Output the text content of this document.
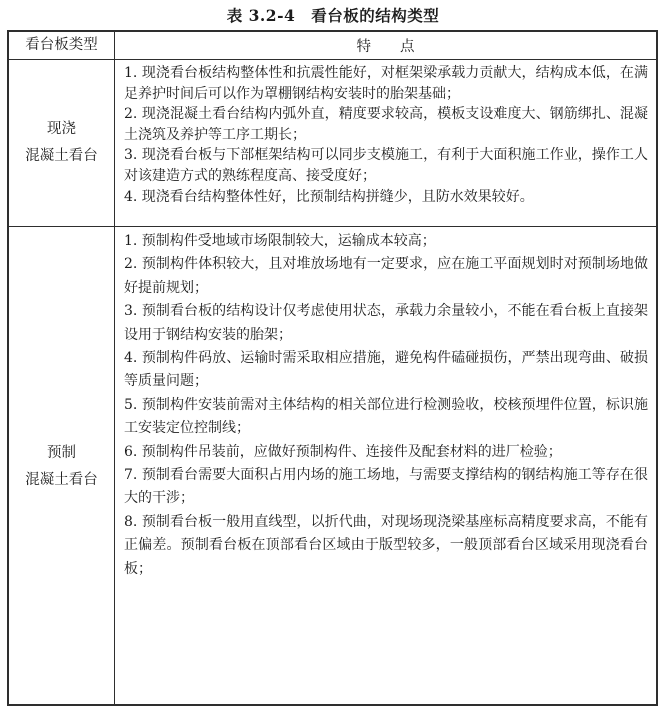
表 3.2-4　看台板的结构类型
看台板类型	特　　点
现浇
混凝土看台

1. 现浇看台板结构整体性和抗震性能好，对框架梁承载力贡献大，结构成本低，在满足养护时间后可以作为罩棚钢结构安装时的胎架基础；

2. 现浇混凝土看台结构内弧外直，精度要求较高，模板支设难度大、钢筋绑扎、混凝土浇筑及养护等工序工期长；

3. 现浇看台板与下部框架结构可以同步支模施工，有利于大面积施工作业，操作工人对该建造方式的熟练程度高、接受度好；

4. 现浇看台结构整体性好，比预制结构拼缝少，且防水效果较好。

预制
混凝土看台

1. 预制构件受地域市场限制较大，运输成本较高；

2. 预制构件体积较大，且对堆放场地有一定要求，应在施工平面规划时对预制场地做好提前规划；

3. 预制看台板的结构设计仅考虑使用状态，承载力余量较小，不能在看台板上直接架设用于钢结构安装的胎架；

4. 预制构件码放、运输时需采取相应措施，避免构件磕碰损伤，严禁出现弯曲、破损等质量问题；

5. 预制构件安装前需对主体结构的相关部位进行检测验收，校核预埋件位置，标识施工安装定位控制线；

6. 预制构件吊装前，应做好预制构件、连接件及配套材料的进厂检验；

7. 预制看台需要大面积占用内场的施工场地，与需要支撑结构的钢结构施工等存在很大的干涉；

8. 预制看台板一般用直线型，以折代曲，对现场现浇梁基座标高精度要求高，不能有正偏差。预制看台板在顶部看台区域由于版型较多，一般顶部看台区域采用现浇看台板；
